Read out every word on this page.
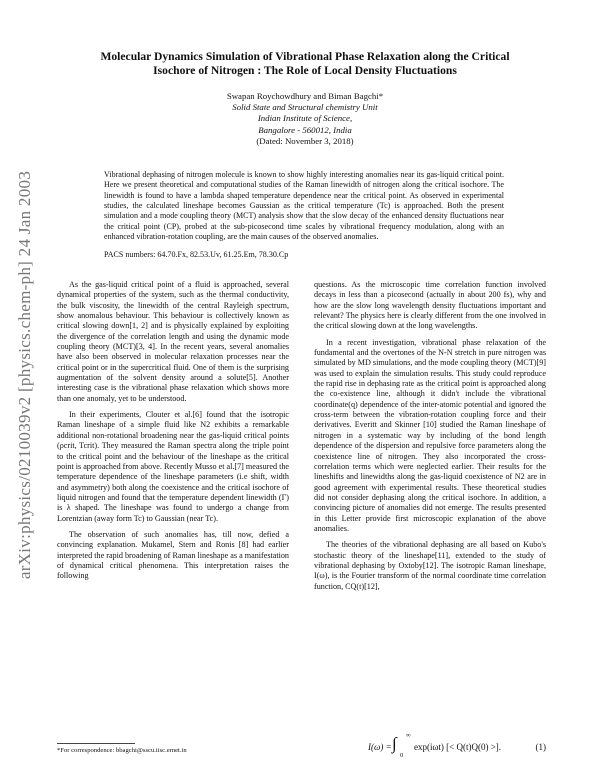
arXiv:physics/0210039v2 [physics.chem-ph] 24 Jan 2003
Molecular Dynamics Simulation of Vibrational Phase Relaxation along the Critical
Isochore of Nitrogen : The Role of Local Density Fluctuations
Swapan Roychowdhury and Biman Bagchi*
Solid State and Structural chemistry Unit
Indian Institute of Science,
Bangalore - 560012, India
(Dated: November 3, 2018)
Vibrational dephasing of nitrogen molecule is known to show highly interesting anomalies near its gas-liquid critical point. Here we present theoretical and computational studies of the Raman linewidth of nitrogen along the critical isochore. The linewidth is found to have a lambda shaped temperature dependence near the critical point. As observed in experimental studies, the calculated lineshape becomes Gaussian as the critical temperature (Tc) is approached. Both the present simulation and a mode coupling theory (MCT) analysis show that the slow decay of the enhanced density fluctuations near the critical point (CP), probed at the sub-picosecond time scales by vibrational frequency modulation, along with an enhanced vibration-rotation coupling, are the main causes of the observed anomalies.
PACS numbers: 64.70.Fx, 82.53.Uv, 61.25.Em, 78.30.Cp

As the gas-liquid critical point of a fluid is approached, several dynamical properties of the system, such as the thermal conductivity, the bulk viscosity, the linewidth of the central Rayleigh spectrum, show anomalous behaviour. This behaviour is collectively known as critical slowing down[1, 2] and is physically explained by exploiting the divergence of the correlation length and using the dynamic mode coupling theory (MCT)[3, 4]. In the recent years, several anomalies have also been observed in molecular relaxation processes near the critical point or in the supercritical fluid. One of them is the surprising augmentation of the solvent density around a solute[5]. Another interesting case is the vibrational phase relaxation which shows more than one anomaly, yet to be understood.

In their experiments, Clouter et al.[6] found that the isotropic Raman lineshape of a simple fluid like N2 exhibits a remarkable additional non-rotational broadening near the gas-liquid critical points (ρcrit, Tcrit). They measured the Raman spectra along the triple point to the critical point and the behaviour of the lineshape as the critical point is approached from above. Recently Musso et al.[7] measured the temperature dependence of the lineshape parameters (i.e shift, width and asymmetry) both along the coexistence and the critical isochore of liquid nitrogen and found that the temperature dependent linewidth (Γ) is λ shaped. The lineshape was found to undergo a change from Lorentzian (away form Tc) to Gaussian (near Tc).

The observation of such anomalies has, till now, defied a convincing explanation. Mukamel, Stern and Ronis [8] had earlier interpreted the rapid broadening of Raman lineshape as a manifestation of dynamical critical phenomena. This interpretation raises the following

questions. As the microscopic time correlation function involved decays in less than a picosecond (actually in about 200 fs), why and how are the slow long wavelength density fluctuations important and relevant? The physics here is clearly different from the one involved in the critical slowing down at the long wavelengths.

In a recent investigation, vibrational phase relaxation of the fundamental and the overtones of the N-N stretch in pure nitrogen was simulated by MD simulations, and the mode coupling theory (MCT)[9] was used to explain the simulation results. This study could reproduce the rapid rise in dephasing rate as the critical point is approached along the co-existence line, although it didn't include the vibrational coordinate(q) dependence of the inter-atomic potential and ignored the cross-term between the vibration-rotation coupling force and their derivatives. Everitt and Skinner [10] studied the Raman lineshape of nitrogen in a systematic way by including of the bond length dependence of the dispersion and repulsive force parameters along the coexistence line of nitrogen. They also incorporated the cross-correlation terms which were neglected earlier. Their results for the lineshifts and linewidths along the gas-liquid coexistence of N2 are in good agreement with experimental results. These theoretical studies did not consider dephasing along the critical isochore. In addition, a convincing picture of anomalies did not emerge. The results presented in this Letter provide first microscopic explanation of the above anomalies.

The theories of the vibrational dephasing are all based on Kubo's stochastic theory of the lineshape[11], extended to the study of vibrational dephasing by Oxtoby[12]. The isotropic Raman lineshape, I(ω), is the Fourier transform of the normal coordinate time correlation function, CQ(t)[12],

I(ω) = ∫
0
∞
exp(iωt) [< Q(t)Q(0) >].	(1)
*For correspondence: bbagchi@sscu.iisc.ernet.in
